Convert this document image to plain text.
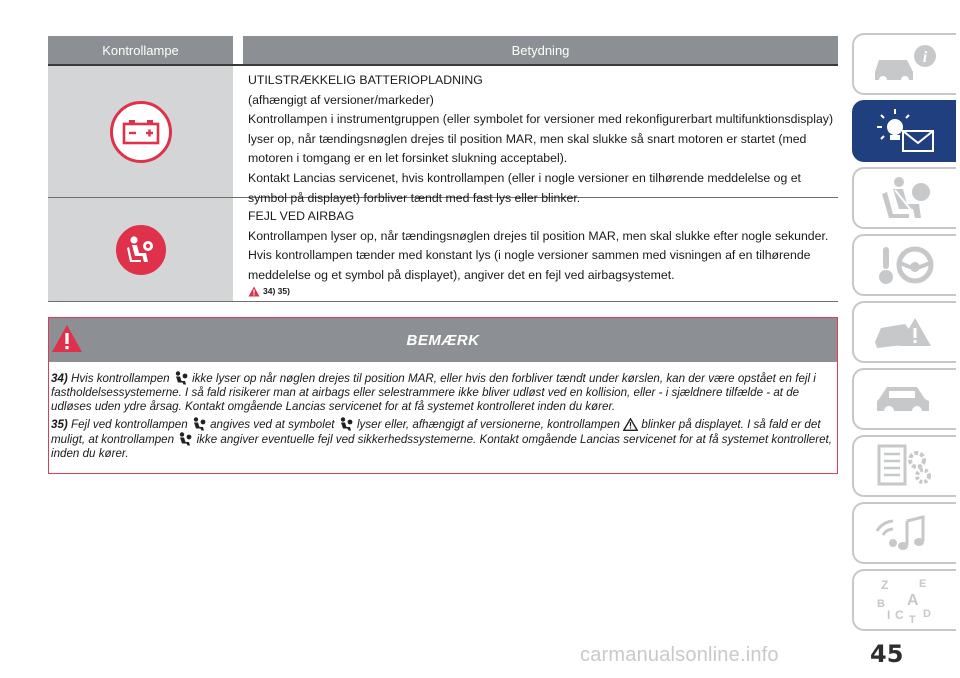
Kontrollampe	Betydning
UTILSTRÆKKELIG BATTERIOPLADNING
(afhængigt af versioner/markeder)
Kontrollampen i instrumentgruppen (eller symbolet for versioner med rekonfigurerbart multifunktionsdisplay)
lyser op, når tændingsnøglen drejes til position MAR, men skal slukke så snart motoren er startet (med
motoren i tomgang er en let forsinket slukning acceptabel).
Kontakt Lancias servicenet, hvis kontrollampen (eller i nogle versioner en tilhørende meddelelse og et
symbol på displayet) forbliver tændt med fast lys eller blinker.
FEJL VED AIRBAG
Kontrollampen lyser op, når tændingsnøglen drejes til position MAR, men skal slukke efter nogle sekunder.
Hvis kontrollampen tænder med konstant lys (i nogle versioner sammen med visningen af en tilhørende
meddelelse og et symbol på displayet), angiver det en fejl ved airbagsystemet.
34) 35)
BEMÆRK

34) Hvis kontrollampen ikke lyser op når nøglen drejes til position MAR, eller hvis den forbliver tændt under kørslen, kan der være opstået en fejl i fastholdelsessystemerne. I så fald risikerer man at airbags eller selestrammere ikke bliver udløst ved en kollision, eller - i sjældnere tilfælde - at de udløses uden ydre årsag. Kontakt omgående Lancias servicenet for at få systemet kontrolleret inden du kører.

35) Fejl ved kontrollampen angives ved at symbolet lyser eller, afhængigt af versionerne, kontrollampen blinker på displayet. I så fald er det muligt, at kontrollampen ikke angiver eventuelle fejl ved sikkerhedssystemerne. Kontakt omgående Lancias servicenet for at få systemet kontrolleret, inden du kører.

i
Z	E
B A
I C T D
carmanualsonline.info	45
